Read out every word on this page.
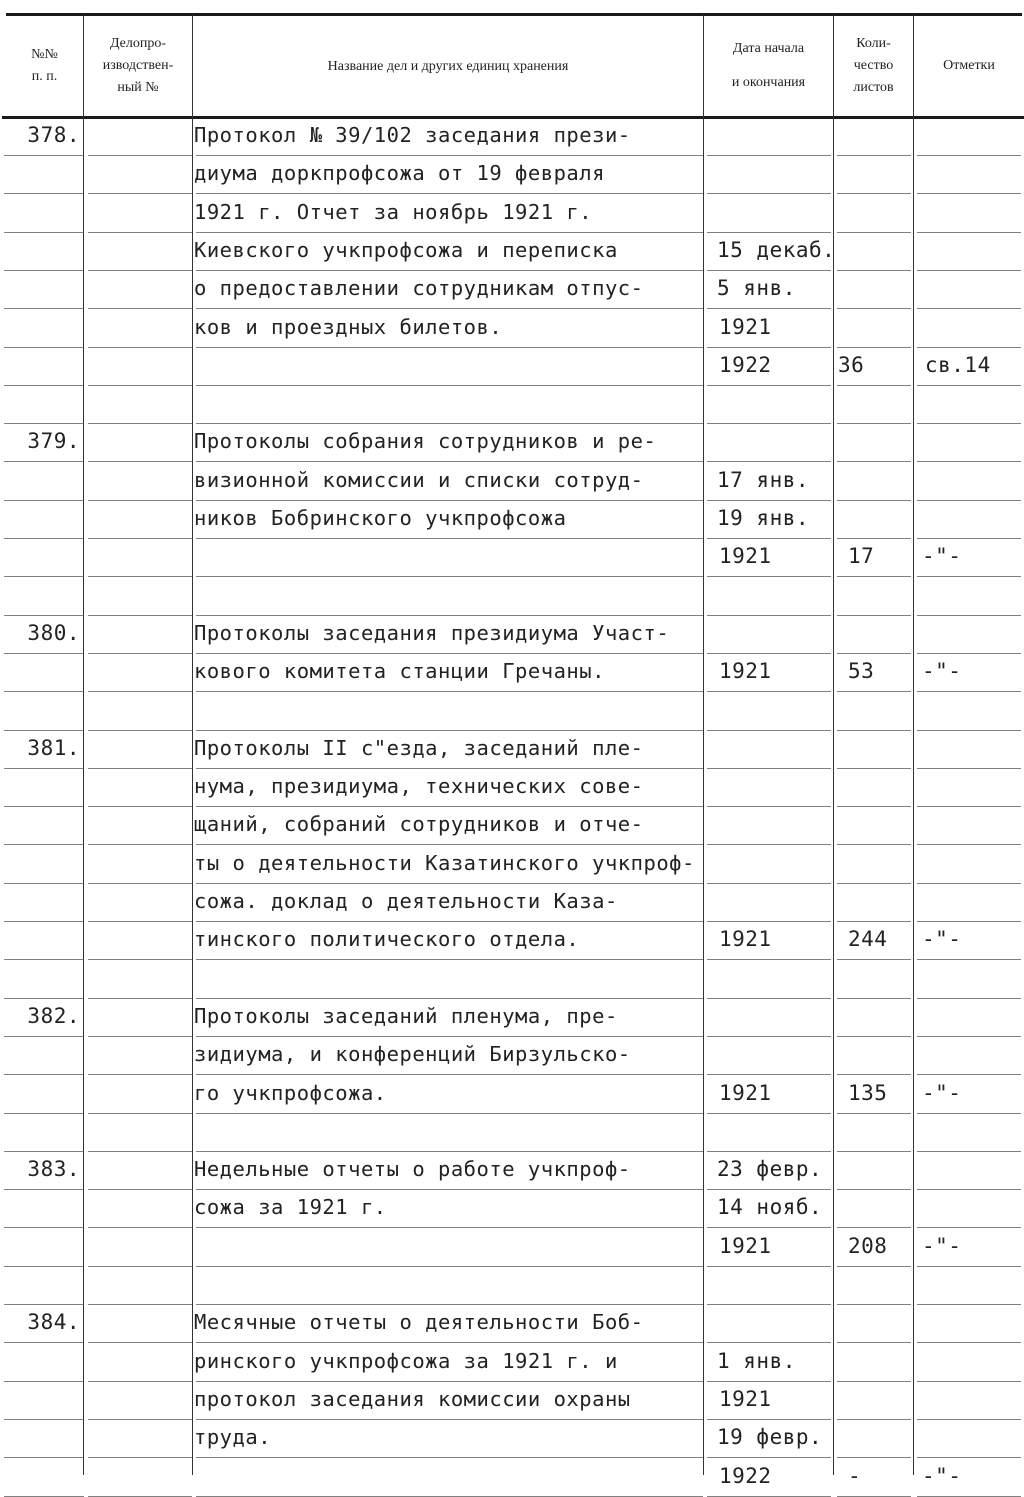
№№
п. п.
Делопро-
изводствен-
ный №
Название дел и других единиц хранения
Дата начала
и окончания
Коли-
чество
листов
Отметки
378.	Протокол № 39/102 заседания прези-
диума доркпрофсожа от 19 февраля
1921 г. Отчет за ноябрь 1921 г.
Киевского учкпрофсожа и переписка
о предоставлении сотрудникам отпус-
ков и проездных билетов.
15 декаб.
5 янв.
1921
1922	36	св.14
379.	Протоколы собрания сотрудников и ре-
визионной комиссии и списки сотруд-
ников Бобринского учкпрофсожа
17 янв.
19 янв.
1921	17 -"-
380.	Протоколы заседания президиума Участ-
кового комитета станции Гречаны.	1921	53 -"-
381.	Протоколы II с"езда, заседаний пле-
нума, президиума, технических сове-
щаний, собраний сотрудников и отче-
ты о деятельности Казатинского учкпроф-
сожа. доклад о деятельности Каза-
тинского политического отдела.	1921	244 -"-
382.	Протоколы заседаний пленума, пре-
зидиума, и конференций Бирзульско-
го учкпрофсожа.	1921	135 -"-
383.	Недельные отчеты о работе учкпроф-
сожа за 1921 г.
23 февр.
14 нояб.
1921	208 -"-
384.	Месячные отчеты о деятельности Боб-
ринского учкпрофсожа за 1921 г. и
протокол заседания комиссии охраны
труда.
1 янв.
1921
19 февр.
1922	-	-"-
